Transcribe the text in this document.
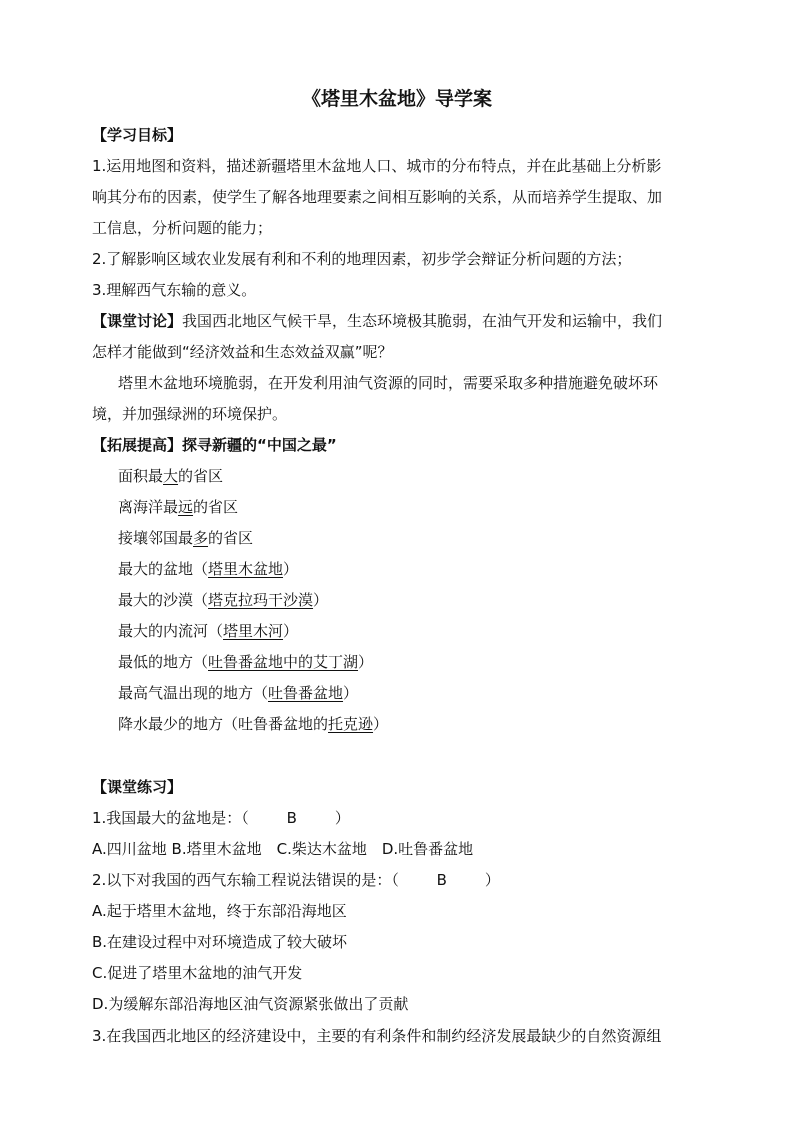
《塔里木盆地》导学案
【学习目标】
1.运用地图和资料，描述新疆塔里木盆地人口、城市的分布特点，并在此基础上分析影
响其分布的因素，使学生了解各地理要素之间相互影响的关系，从而培养学生提取、加
工信息，分析问题的能力；
2.了解影响区域农业发展有利和不利的地理因素，初步学会辩证分析问题的方法；
3.理解西气东输的意义。
【课堂讨论】我国西北地区气候干旱，生态环境极其脆弱，在油气开发和运输中，我们
怎样才能做到“经济效益和生态效益双赢”呢？
塔里木盆地环境脆弱，在开发利用油气资源的同时，需要采取多种措施避免破坏环
境，并加强绿洲的环境保护。
【拓展提高】探寻新疆的“中国之最”
面积最大的省区
离海洋最远的省区
接壤邻国最多的省区
最大的盆地（塔里木盆地）
最大的沙漠（塔克拉玛干沙漠）
最大的内流河（塔里木河）
最低的地方（吐鲁番盆地中的艾丁湖）
最高气温出现的地方（吐鲁番盆地）
降水最少的地方（吐鲁番盆地的托克逊）
【课堂练习】
1.我国最大的盆地是：（	B	）
A.四川盆地 B.塔里木盆地　C.柴达木盆地　D.吐鲁番盆地
2.以下对我国的西气东输工程说法错误的是：（	B	）
A.起于塔里木盆地，终于东部沿海地区
B.在建设过程中对环境造成了较大破坏
C.促进了塔里木盆地的油气开发
D.为缓解东部沿海地区油气资源紧张做出了贡献
3.在我国西北地区的经济建设中，主要的有利条件和制约经济发展最缺少的自然资源组
